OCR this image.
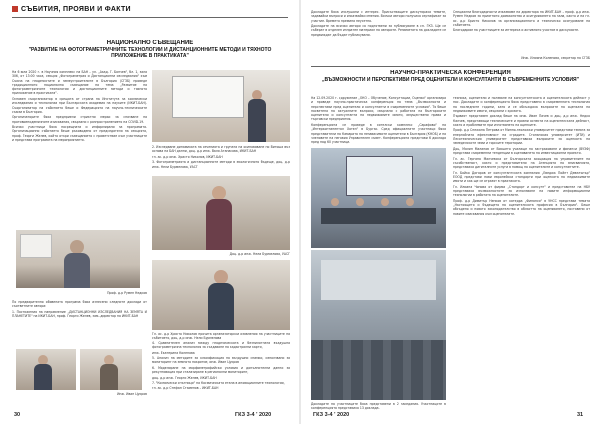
СЪБИТИЯ, ПРОЯВИ И ФАКТИ
НАЦИОНАЛНО СЪВЕЩАНИЕ
"РАЗВИТИЕ НА ФОТОГРАМЕТРИЧНИТЕ ТЕХНОЛОГИИ И ДИСТАНЦИОННИТЕ МЕТОДИ И ТЯХНОТО ПРИЛОЖЕНИЕ В ПРАКТИКАТА"

На 6 юли 2020 г. в Научния комплекс на БАН – ул. „Акад. Г. Бончев", бл. 1, зала 306, от 13:00 часа, секция „Фотограметрия и Дистанционни изследвания" към Съюза на геодезистите и земеустроителите в България (СГЗБ) проведе традиционното национално съвещание на тема „Развитие на фотограметричните технологии и дистанционните методи и тяхното приложение в практиката".

Основен съорганизатор в срещата от страна на Института за космически изследвания и технологии при Българската академия на науките (ИКИТ-БАН). Съорганизатор на събитието беше и Федерацията на научно-техническите съюзи в България.

Организаторите бяха предприели стриктни мерки за спазване на противоепидемичните изисквания, свързани с разпространението на COVID-19.

Всички участници бяха посрещнати и информирани за програмата. Организационно събитието беше ръководено от председателя на секцията, проф. Георги Желев, който откри съвещанието с приветствие към участниците и представи програмата на мероприятието.

Проф. д-р Румен Недков

По предварително обявената програма бяха изнесени следните доклади от съответните автори:

1. Постижения на направление „ДИСТАНЦИОННИ ИЗСЛЕДВАНИЯ НА ЗЕМЯТА И ПЛАНЕТИТЕ" на ИКИТ-БАН, проф. Георги Желев, зам.-директор на ИКИТ-БАН

Инж. Иван Цукров

2. Изследване динамиката на сеченията и групата на осиновяване по Витоша въз основа на БАН данни, доц. д-р инж. Валя Атанасова, ИКИТ-БАН

гл. ас. д-р инж. Христо Николов, ИКИТ-БАН

3. Фотограметрията и дистанционните методи в екологичното бъдеще, доц. д-р инж. Нели Бурмелова, УАСГ

Доц. д-р инж. Нели Бурмелова, УАСГ

Гл. ас. д-р Христо Николов прочита организаторски изявления на участниците на събитието, доц. д-р инж. Нели Бурмелова

4. Сравнителен анализ между геодезическата и безпилотната въздушна фотограметрична технология за създаване на кадастрални карти,

инж. Екатерина Коленова

5. Анализ на методите за класификация на въздушни снимки, използвани за мониторинг на земното покритие, инж. Иван Цукров

6. Моделиране на морфометрифийски условия и допълнителни данни за рекултивация при сталазиране в регионални мониторинг,

доц. д-р инж. Георги Желев, ИКИТ-БАН

7. "Космически спътници" на Космическата етапа в иновационните технологии,

гл. ас. д-р Стефан Стаменов – ИКИТ-БАН

30	ГКЗ 3-4 ' 2020

Докладите бяха изслушани с интерес. Присъстващите дискутираха темите, задавайки въпроси и изказвайки мнения. Всички автори получиха сертификат за участие. Времето премина неусетно.

Докладите на всички автори са подготвени за публикуване в сп. ГКЗ. Ще се съберат в отделен изпратен материал на авторите. Резюметата на докладите се предвиждат да бъдат публикувани.

Специални благодарности изказваме на директора на ИКИТ-БАН – проф. д-р инж. Румен Недков за приятното домакинство и осигуряването на зала, както и на гл. ас. д-р Христо Николов за организационното и техническо осигуряване на събитието.

Благодарим на участниците за интереса и активното участие в дискусиите.

Инж. Илияна Коленова, секретар на СГЗБ
НАУЧНО-ПРАКТИЧЕСКА КОНФЕРЕНЦИЯ
„ВЪЗМОЖНОСТИ И ПЕРСПЕКТИВИ ПРЕД ОЦЕНИТЕЛИ И КОНСУЛТАНТИ В СЪВРЕМЕННИТЕ УСЛОВИЯ"

На 12.09.2020 г. сдружение „ОКО – Обучение, Консултации, Оценки" организира и проведе научно-практическа конференция на тема „Възможности и перспективи пред оценители и консултанти в съвременните условия". Тя беше посветена на актуалните въпроси, свързани с работата на българските оценители и консултанти на недвижимите имоти, имуществени права и търговски предприятия.

Конференцията се проведе в хотелски комплекс „Сарафово" на „Интерконтинентал Хотел" в Бургас. Сред официалните участници бяха представители на Камарата на независимите оценители в България (КНОБ) и на членовете на неговия Управителен съвет. Конференцията представи 6 доклада пред над 60 участници.

Докладите на участниците бяха представени в 2 заседания. Участниците в конференцията представиха 13 доклада.

техника, оценители и ползване на консултантската и оценителската дейност у нас. Докладите и конференцията бяха представени в съвременната технология на последните години, като и се обсъждаха въпросите на оценката на недвижимите имоти, свързани с кризата.

Първият представен доклад беше на инж. Иван Пачев и доц. д-р инж. Недко Калчев, представящи техническите и правни аспекти на оценителската дейност, както и проблемите при изготвянето на оценките.

Проф. д-р Снежана Петрова от Минно-геоложки университет представи темата за енергийната ефективност на сградите. Стопанския университет (ИТИ) и Лесотехническия университет представиха въпросите за оценката на земеделските земи и горските територии.

Доц. Малин Малинов от Висшето училище по застраховане и финанси (ВУЗФ) представи съвременни тенденции в оценяването на инвестиционни проекти.

Гл. ас. Гергана Малчевска от Българската асоциация на управителите на съсобственост, както и представители на Агенцията по вписванията, представиха дигиталните услуги в помощ на оценителите и консултантите.

Гл. Бойко Дигаров от консултантската компания „Еведаж Пойнт Девелъпър" ЕООД представи нови европейски стандарти при оценката на недвижимите имоти и как ще се отразят в практиката.

Гл. Илиана Чонова от фирма „Стандарт и консулт" и представител на НБУ представиха възможностите за използване на новите информационни технологии в работата на оценителите.

Проф. д-р Димитър Ненков от катедра „Финанси" в УНСС представи темата „Настоящето и бъдещето на оценителската професия в България". Беше обсъдено и новото законодателство в областта на оценяването, поставени от новите изисквания към оценителите.

ГКЗ 3-4 ' 2020	31
